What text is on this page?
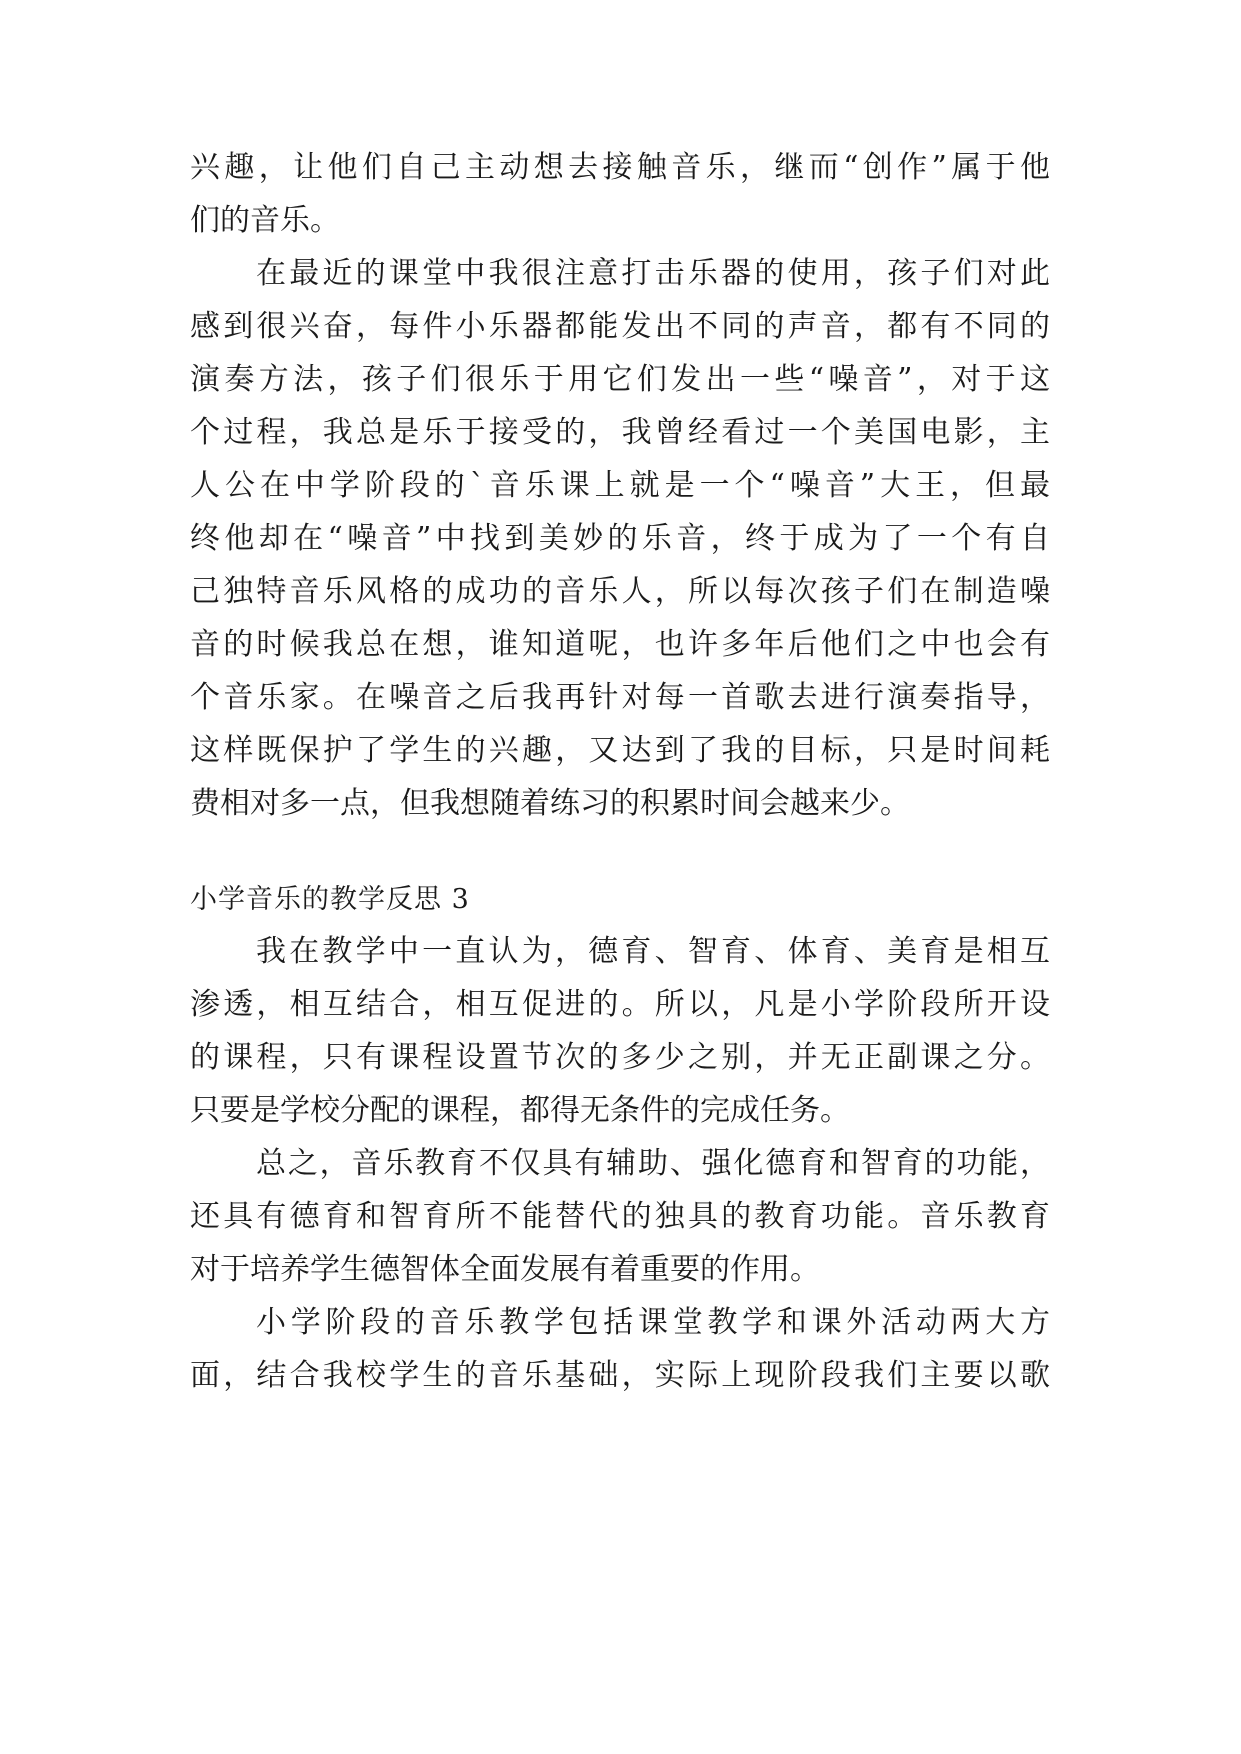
兴趣，让他们自己主动想去接触音乐，继而“创作”属于他
们的音乐。
在最近的课堂中我很注意打击乐器的使用，孩子们对此
感到很兴奋，每件小乐器都能发出不同的声音，都有不同的
演奏方法，孩子们很乐于用它们发出一些“噪音”，对于这
个过程，我总是乐于接受的，我曾经看过一个美国电影，主
人公在中学阶段的`音乐课上就是一个“噪音”大王，但最
终他却在“噪音”中找到美妙的乐音，终于成为了一个有自
己独特音乐风格的成功的音乐人，所以每次孩子们在制造噪
音的时候我总在想，谁知道呢，也许多年后他们之中也会有
个音乐家。在噪音之后我再针对每一首歌去进行演奏指导，
这样既保护了学生的兴趣，又达到了我的目标，只是时间耗
费相对多一点，但我想随着练习的积累时间会越来少。
小学音乐的教学反思 3
我在教学中一直认为，德育、智育、体育、美育是相互
渗透，相互结合，相互促进的。所以，凡是小学阶段所开设
的课程，只有课程设置节次的多少之别，并无正副课之分。
只要是学校分配的课程，都得无条件的完成任务。
总之，音乐教育不仅具有辅助、强化德育和智育的功能，
还具有德育和智育所不能替代的独具的教育功能。音乐教育
对于培养学生德智体全面发展有着重要的作用。
小学阶段的音乐教学包括课堂教学和课外活动两大方
面，结合我校学生的音乐基础，实际上现阶段我们主要以歌
